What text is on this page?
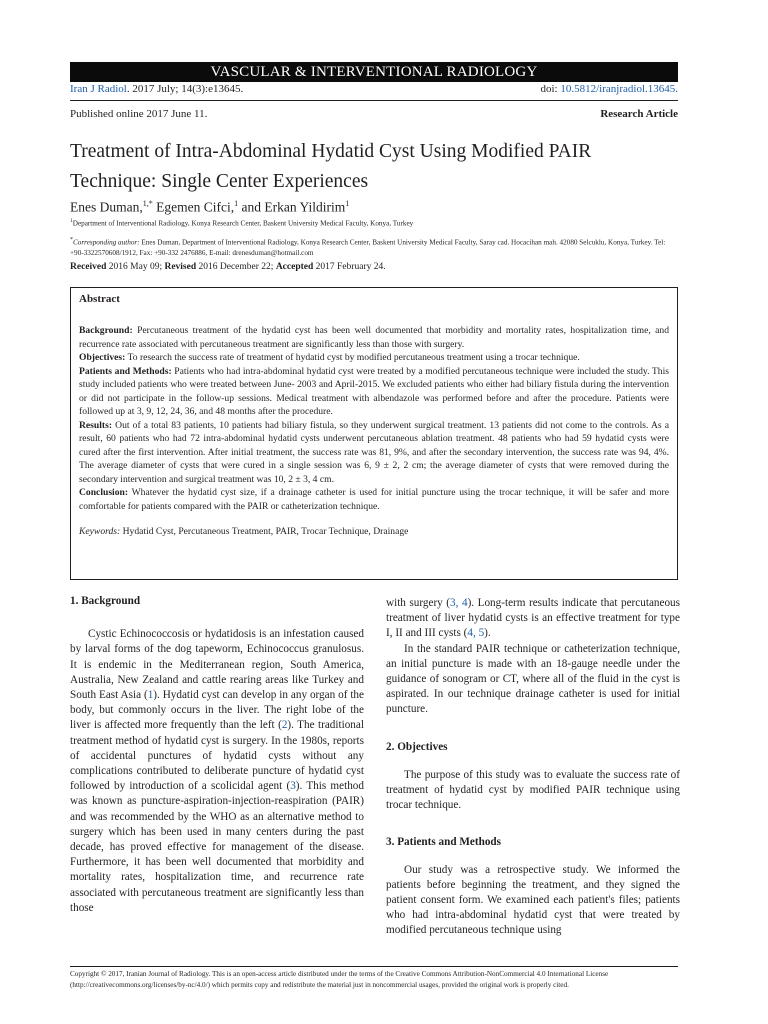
VASCULAR & INTERVENTIONAL RADIOLOGY
Iran J Radiol. 2017 July; 14(3):e13645.	doi: 10.5812/iranjradiol.13645.
Published online 2017 June 11.	Research Article
Treatment of Intra-Abdominal Hydatid Cyst Using Modified PAIR Technique: Single Center Experiences
Enes Duman,$^{1,*}$ Egemen Cifci,$^1$ and Erkan Yildirim$^1$
$^1$Department of Interventional Radiology, Konya Research Center, Baskent University Medical Faculty, Konya, Turkey
*Corresponding author: Enes Duman, Department of Interventional Radiology, Konya Research Center, Baskent University Medical Faculty, Saray cad. Hocacihan mah. 42080 Selcuklu, Konya, Turkey. Tel: +90-3322570608/1912, Fax: +90-332 2476886, E-mail: drenesduman@hotmail.com
Received 2016 May 09; Revised 2016 December 22; Accepted 2017 February 24.
Abstract

Background: Percutaneous treatment of the hydatid cyst has been well documented that morbidity and mortality rates, hospitalization time, and recurrence rate associated with percutaneous treatment are significantly less than those with surgery.

Objectives: To research the success rate of treatment of hydatid cyst by modified percutaneous treatment using a trocar technique.

Patients and Methods: Patients who had intra-abdominal hydatid cyst were treated by a modified percutaneous technique were included the study. This study included patients who were treated between June- 2003 and April-2015. We excluded patients who either had biliary fistula during the intervention or did not participate in the follow-up sessions. Medical treatment with albendazole was performed before and after the procedure. Patients were followed up at 3, 9, 12, 24, 36, and 48 months after the procedure.

Results: Out of a total 83 patients, 10 patients had biliary fistula, so they underwent surgical treatment. 13 patients did not come to the controls. As a result, 60 patients who had 72 intra-abdominal hydatid cysts underwent percutaneous ablation treatment. 48 patients who had 59 hydatid cysts were cured after the first intervention. After initial treatment, the success rate was 81, 9%, and after the secondary intervention, the success rate was 94, 4%. The average diameter of cysts that were cured in a single session was 6, 9 ± 2, 2 cm; the average diameter of cysts that were removed during the secondary intervention and surgical treatment was 10, 2 ± 3, 4 cm.

Conclusion: Whatever the hydatid cyst size, if a drainage catheter is used for initial puncture using the trocar technique, it will be safer and more comfortable for patients compared with the PAIR or catheterization technique.

Keywords: Hydatid Cyst, Percutaneous Treatment, PAIR, Trocar Technique, Drainage

1. Background

Cystic Echinococcosis or hydatidosis is an infestation caused by larval forms of the dog tapeworm, Echinococcus granulosus. It is endemic in the Mediterranean region, South America, Australia, New Zealand and cattle rearing areas like Turkey and South East Asia (1). Hydatid cyst can develop in any organ of the body, but commonly occurs in the liver. The right lobe of the liver is affected more frequently than the left (2). The traditional treatment method of hydatid cyst is surgery. In the 1980s, reports of accidental punctures of hydatid cysts without any complications contributed to deliberate puncture of hydatid cyst followed by introduction of a scolicidal agent (3). This method was known as puncture-aspiration-injection-reaspiration (PAIR) and was recommended by the WHO as an alternative method to surgery which has been used in many centers during the past decade, has proved effective for management of the disease. Furthermore, it has been well documented that morbidity and mortality rates, hospitalization time, and recurrence rate associated with percutaneous treatment are significantly less than those

with surgery (3, 4). Long-term results indicate that percutaneous treatment of liver hydatid cysts is an effective treatment for type I, II and III cysts (4, 5).

In the standard PAIR technique or catheterization technique, an initial puncture is made with an 18-gauge needle under the guidance of sonogram or CT, where all of the fluid in the cyst is aspirated. In our technique drainage catheter is used for initial puncture.

2. Objectives

The purpose of this study was to evaluate the success rate of treatment of hydatid cyst by modified PAIR technique using trocar technique.

3. Patients and Methods

Our study was a retrospective study. We informed the patients before beginning the treatment, and they signed the patient consent form. We examined each patient's files; patients who had intra-abdominal hydatid cyst that were treated by modified percutaneous technique using

Copyright © 2017, Iranian Journal of Radiology. This is an open-access article distributed under the terms of the Creative Commons Attribution-NonCommercial 4.0 International License (http://creativecommons.org/licenses/by-nc/4.0/) which permits copy and redistribute the material just in noncommercial usages, provided the original work is properly cited.
